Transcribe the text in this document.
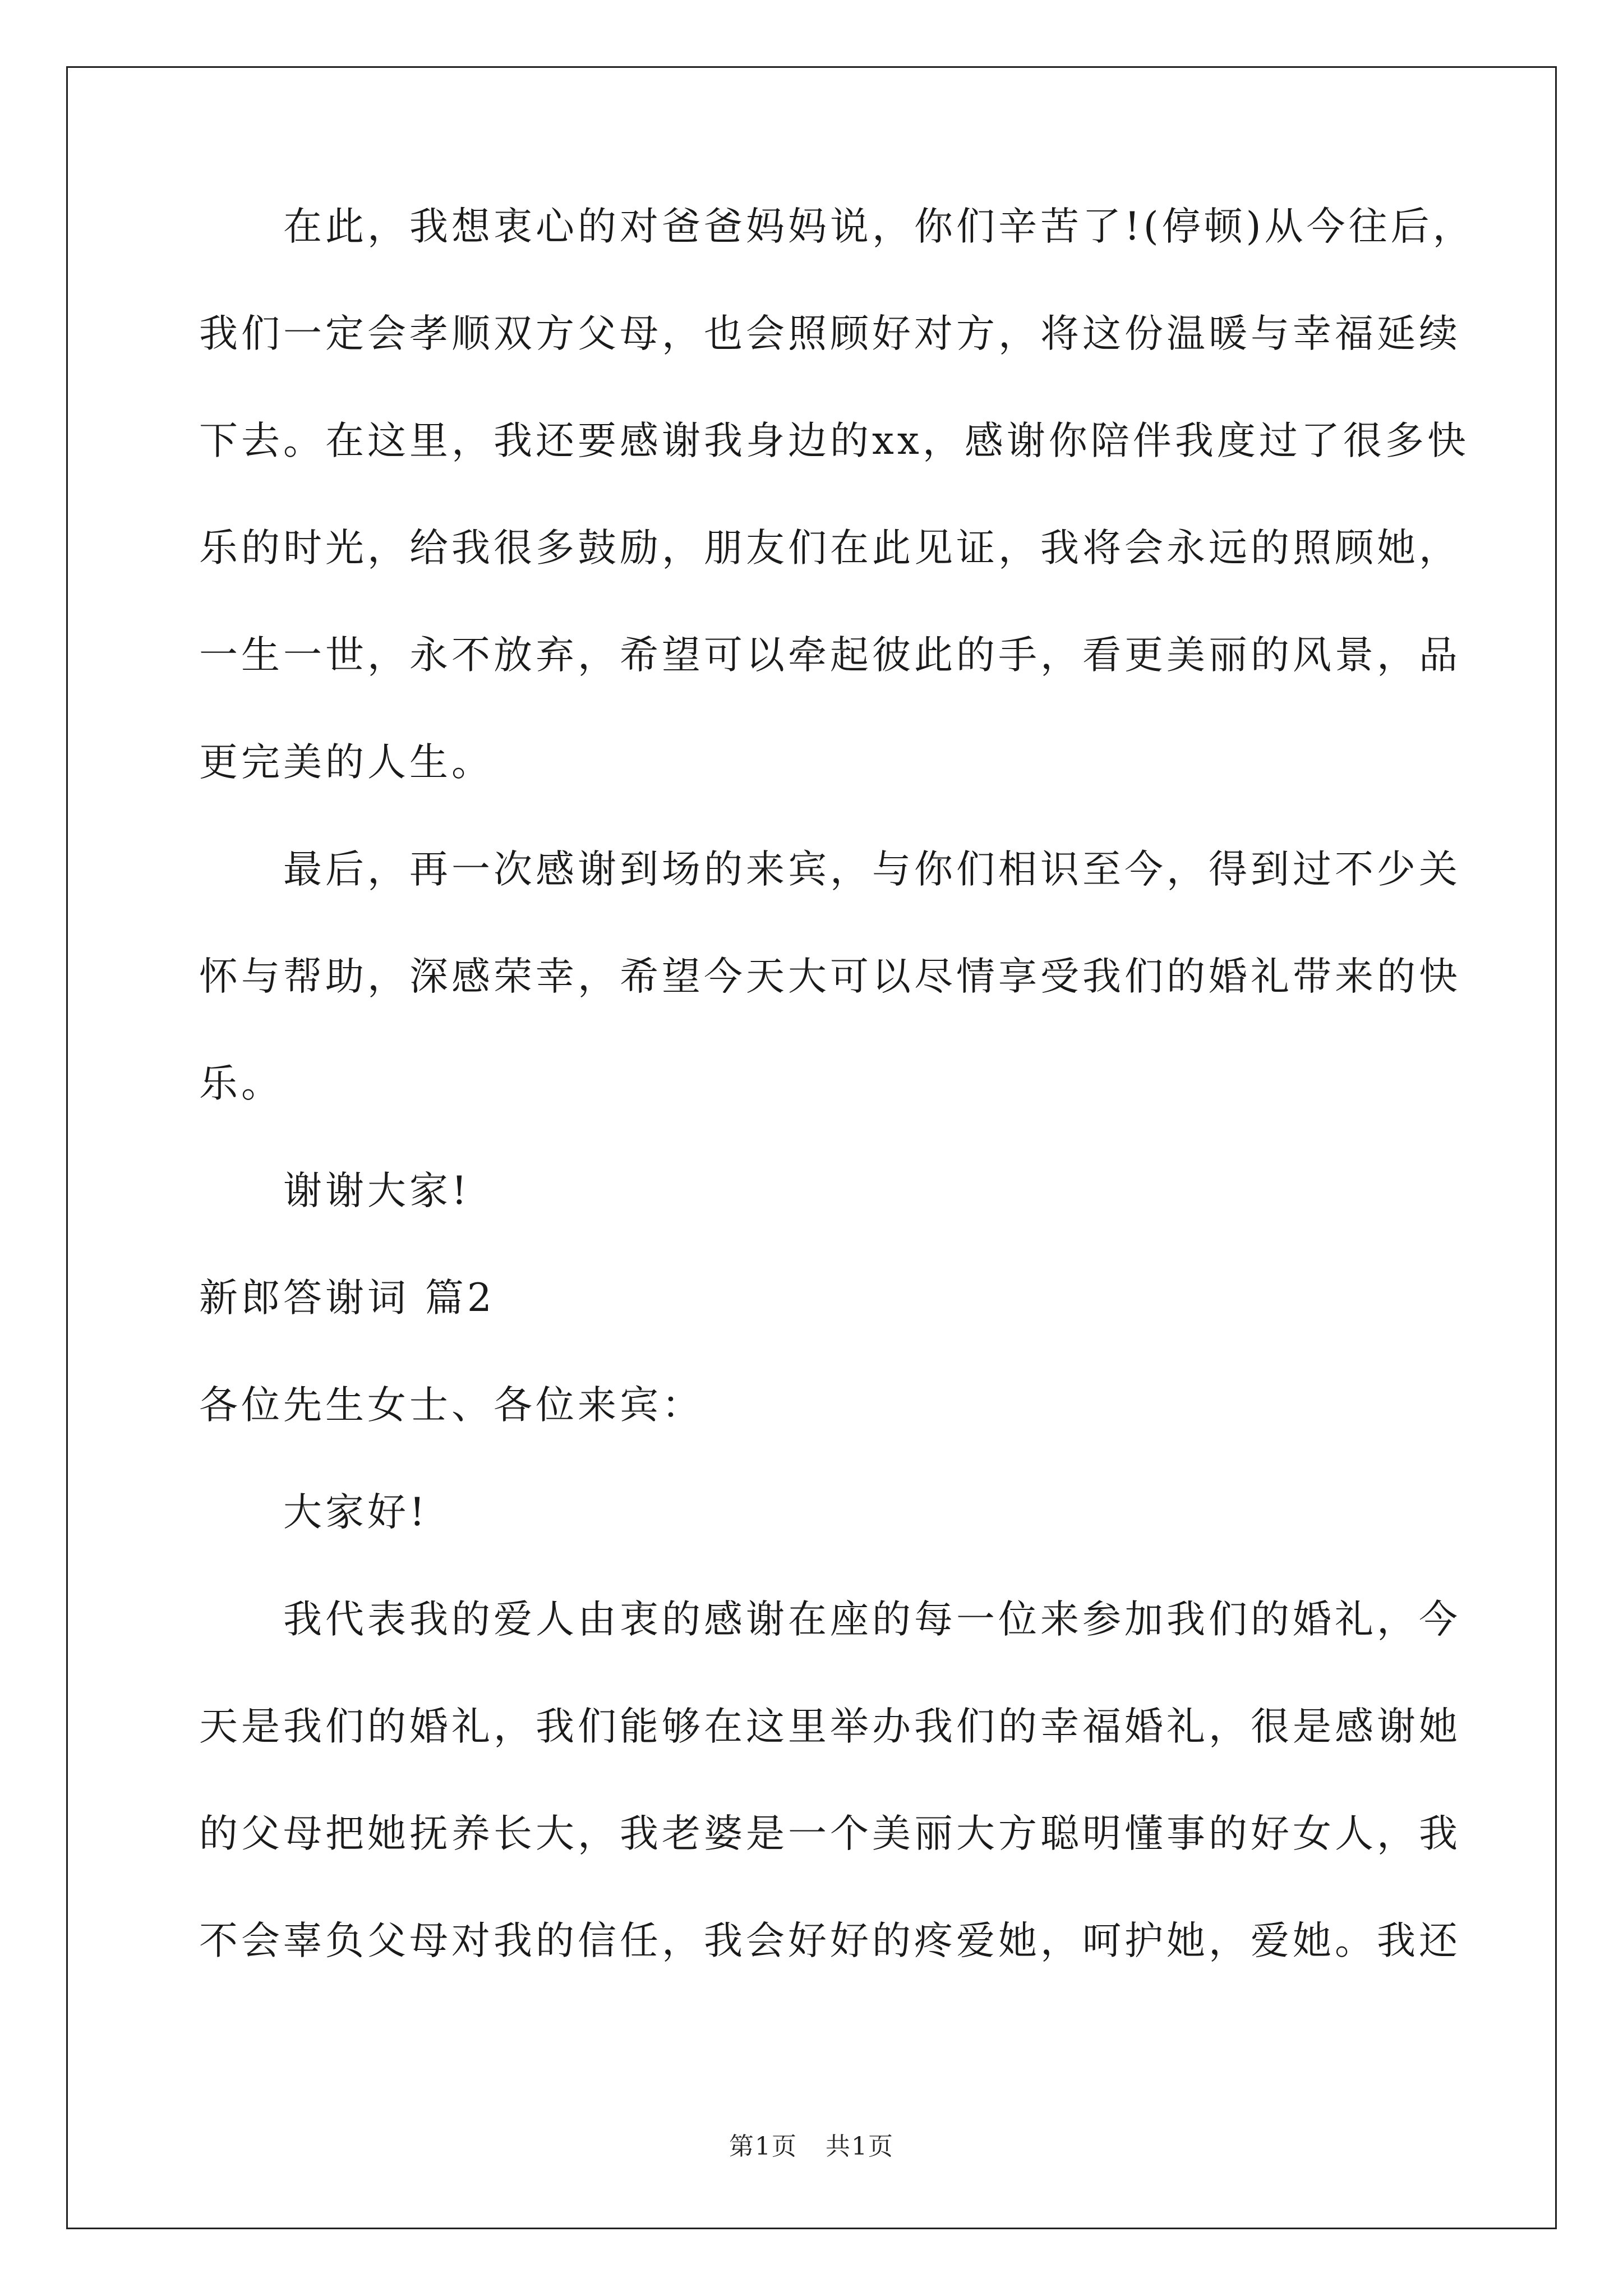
在此，我想衷心的对爸爸妈妈说，你们辛苦了!(停顿)从今往后，
我们一定会孝顺双方父母，也会照顾好对方，将这份温暖与幸福延续
下去。在这里，我还要感谢我身边的xx，感谢你陪伴我度过了很多快
乐的时光，给我很多鼓励，朋友们在此见证，我将会永远的照顾她，
一生一世，永不放弃，希望可以牵起彼此的手，看更美丽的风景，品
更完美的人生。
最后，再一次感谢到场的来宾，与你们相识至今，得到过不少关
怀与帮助，深感荣幸，希望今天大可以尽情享受我们的婚礼带来的快
乐。
谢谢大家!
新郎答谢词 篇2
各位先生女士、各位来宾：
大家好!
我代表我的爱人由衷的感谢在座的每一位来参加我们的婚礼，今
天是我们的婚礼，我们能够在这里举办我们的幸福婚礼，很是感谢她
的父母把她抚养长大，我老婆是一个美丽大方聪明懂事的好女人，我
不会辜负父母对我的信任，我会好好的疼爱她，呵护她，爱她。我还
第1页 共1页
